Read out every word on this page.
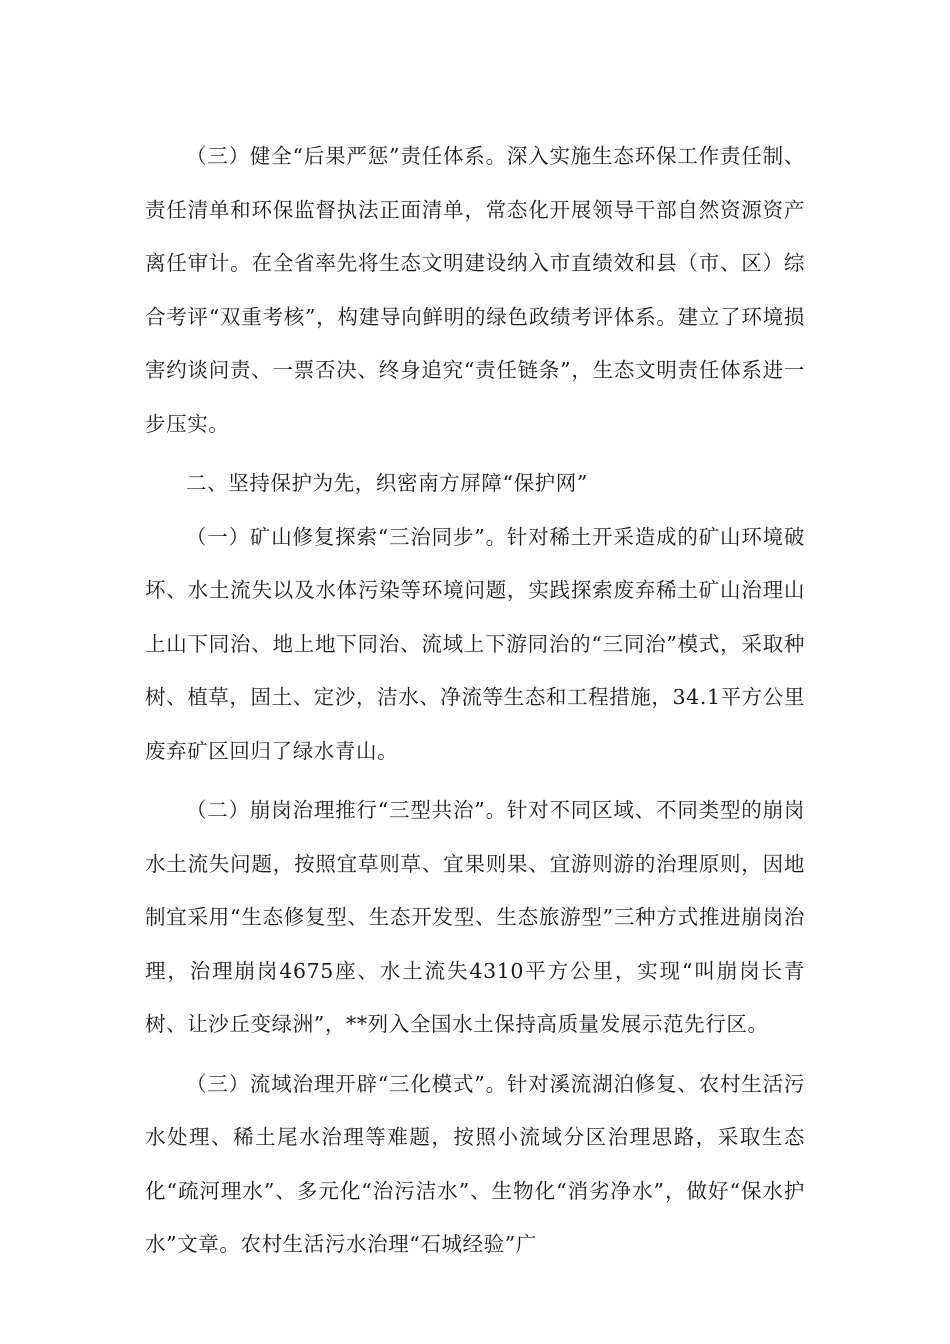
（三）健全“后果严惩”责任体系。深入实施生态环保工作责任制、责任清单和环保监督执法正面清单，常态化开展领导干部自然资源资产离任审计。在全省率先将生态文明建设纳入市直绩效和县（市、区）综合考评“双重考核”，构建导向鲜明的绿色政绩考评体系。建立了环境损害约谈问责、一票否决、终身追究“责任链条”，生态文明责任体系进一步压实。

二、坚持保护为先，织密南方屏障“保护网”

（一）矿山修复探索“三治同步”。针对稀土开采造成的矿山环境破坏、水土流失以及水体污染等环境问题，实践探索废弃稀土矿山治理山上山下同治、地上地下同治、流域上下游同治的“三同治”模式，采取种树、植草，固土、定沙，洁水、净流等生态和工程措施，34.1平方公里废弃矿区回归了绿水青山。

（二）崩岗治理推行“三型共治”。针对不同区域、不同类型的崩岗水土流失问题，按照宜草则草、宜果则果、宜游则游的治理原则，因地制宜采用“生态修复型、生态开发型、生态旅游型”三种方式推进崩岗治理，治理崩岗4675座、水土流失4310平方公里，实现“叫崩岗长青树、让沙丘变绿洲”，**列入全国水土保持高质量发展示范先行区。

（三）流域治理开辟“三化模式”。针对溪流湖泊修复、农村生活污水处理、稀土尾水治理等难题，按照小流域分区治理思路，采取生态化“疏河理水”、多元化“治污洁水”、生物化“消劣净水”，做好“保水护水”文章。农村生活污水治理“石城经验”广
